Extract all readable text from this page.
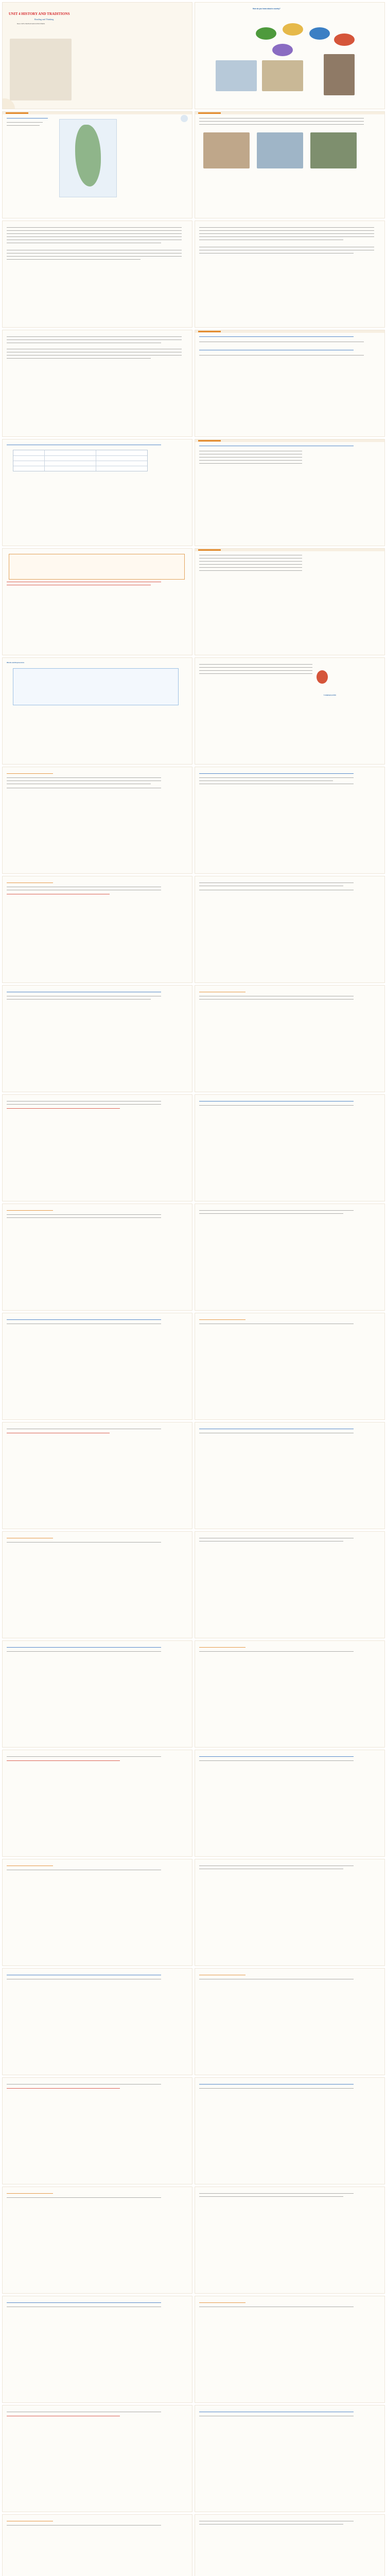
UNIT 4 HISTORY AND TRADITIONS
Reading and Thinking
Book 2 WITH PEOPLE'S EDUCATION PRESS
How do you know about a country?
Words and Expressions
Language points
